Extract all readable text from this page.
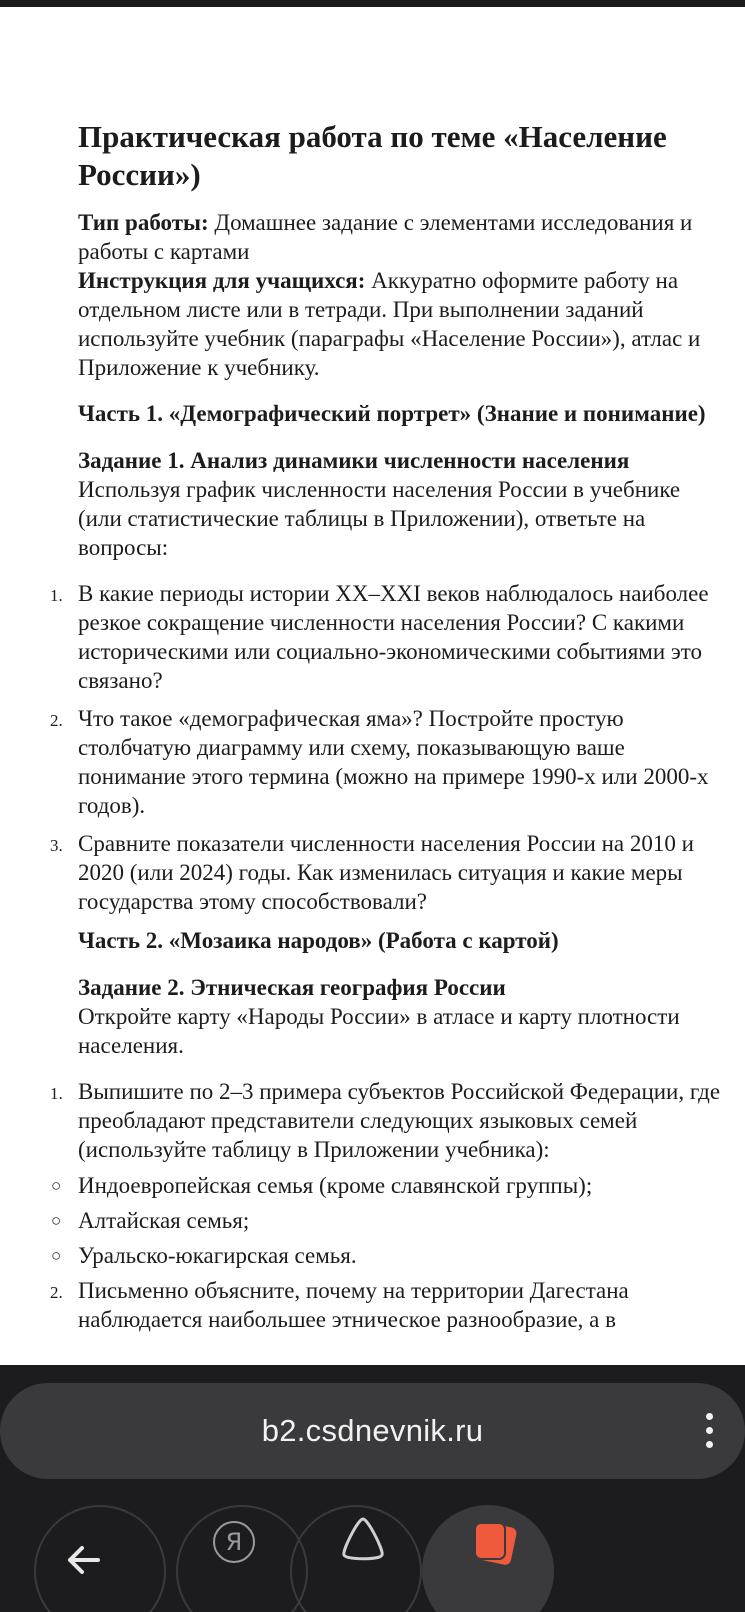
Практическая работа по теме «Население России»)

Тип работы: Домашнее задание с элементами исследования и работы с картами

Инструкция для учащихся: Аккуратно оформите работу на отдельном листе или в тетради. При выполнении заданий используйте учебник (параграфы «Население России»), атлас и Приложение к учебнику.

Часть 1. «Демографический портрет» (Знание и понимание)
Задание 1. Анализ динамики численности населения

Используя график численности населения России в учебнике (или статистические таблицы в Приложении), ответьте на вопросы:

1. В какие периоды истории XX–XXI веков наблюдалось наиболее резкое сокращение численности населения России? С какими историческими или социально-экономическими событиями это связано?
2. Что такое «демографическая яма»? Постройте простую столбчатую диаграмму или схему, показывающую ваше понимание этого термина (можно на примере 1990-х или 2000-х годов).
3. Сравните показатели численности населения России на 2010 и 2020 (или 2024) годы. Как изменилась ситуация и какие меры государства этому способствовали?
Часть 2. «Мозаика народов» (Работа с картой)
Задание 2. Этническая география России

Откройте карту «Народы России» в атласе и карту плотности населения.

1. Выпишите по 2–3 примера субъектов Российской Федерации, где преобладают представители следующих языковых семей (используйте таблицу в Приложении учебника):
○ Индоевропейская семья (кроме славянской группы);
○ Алтайская семья;
○ Уральско-юкагирская семья.
2. Письменно объясните, почему на территории Дагестана наблюдается наибольшее этническое разнообразие, а в
b2.csdnevnik.ru
Я
